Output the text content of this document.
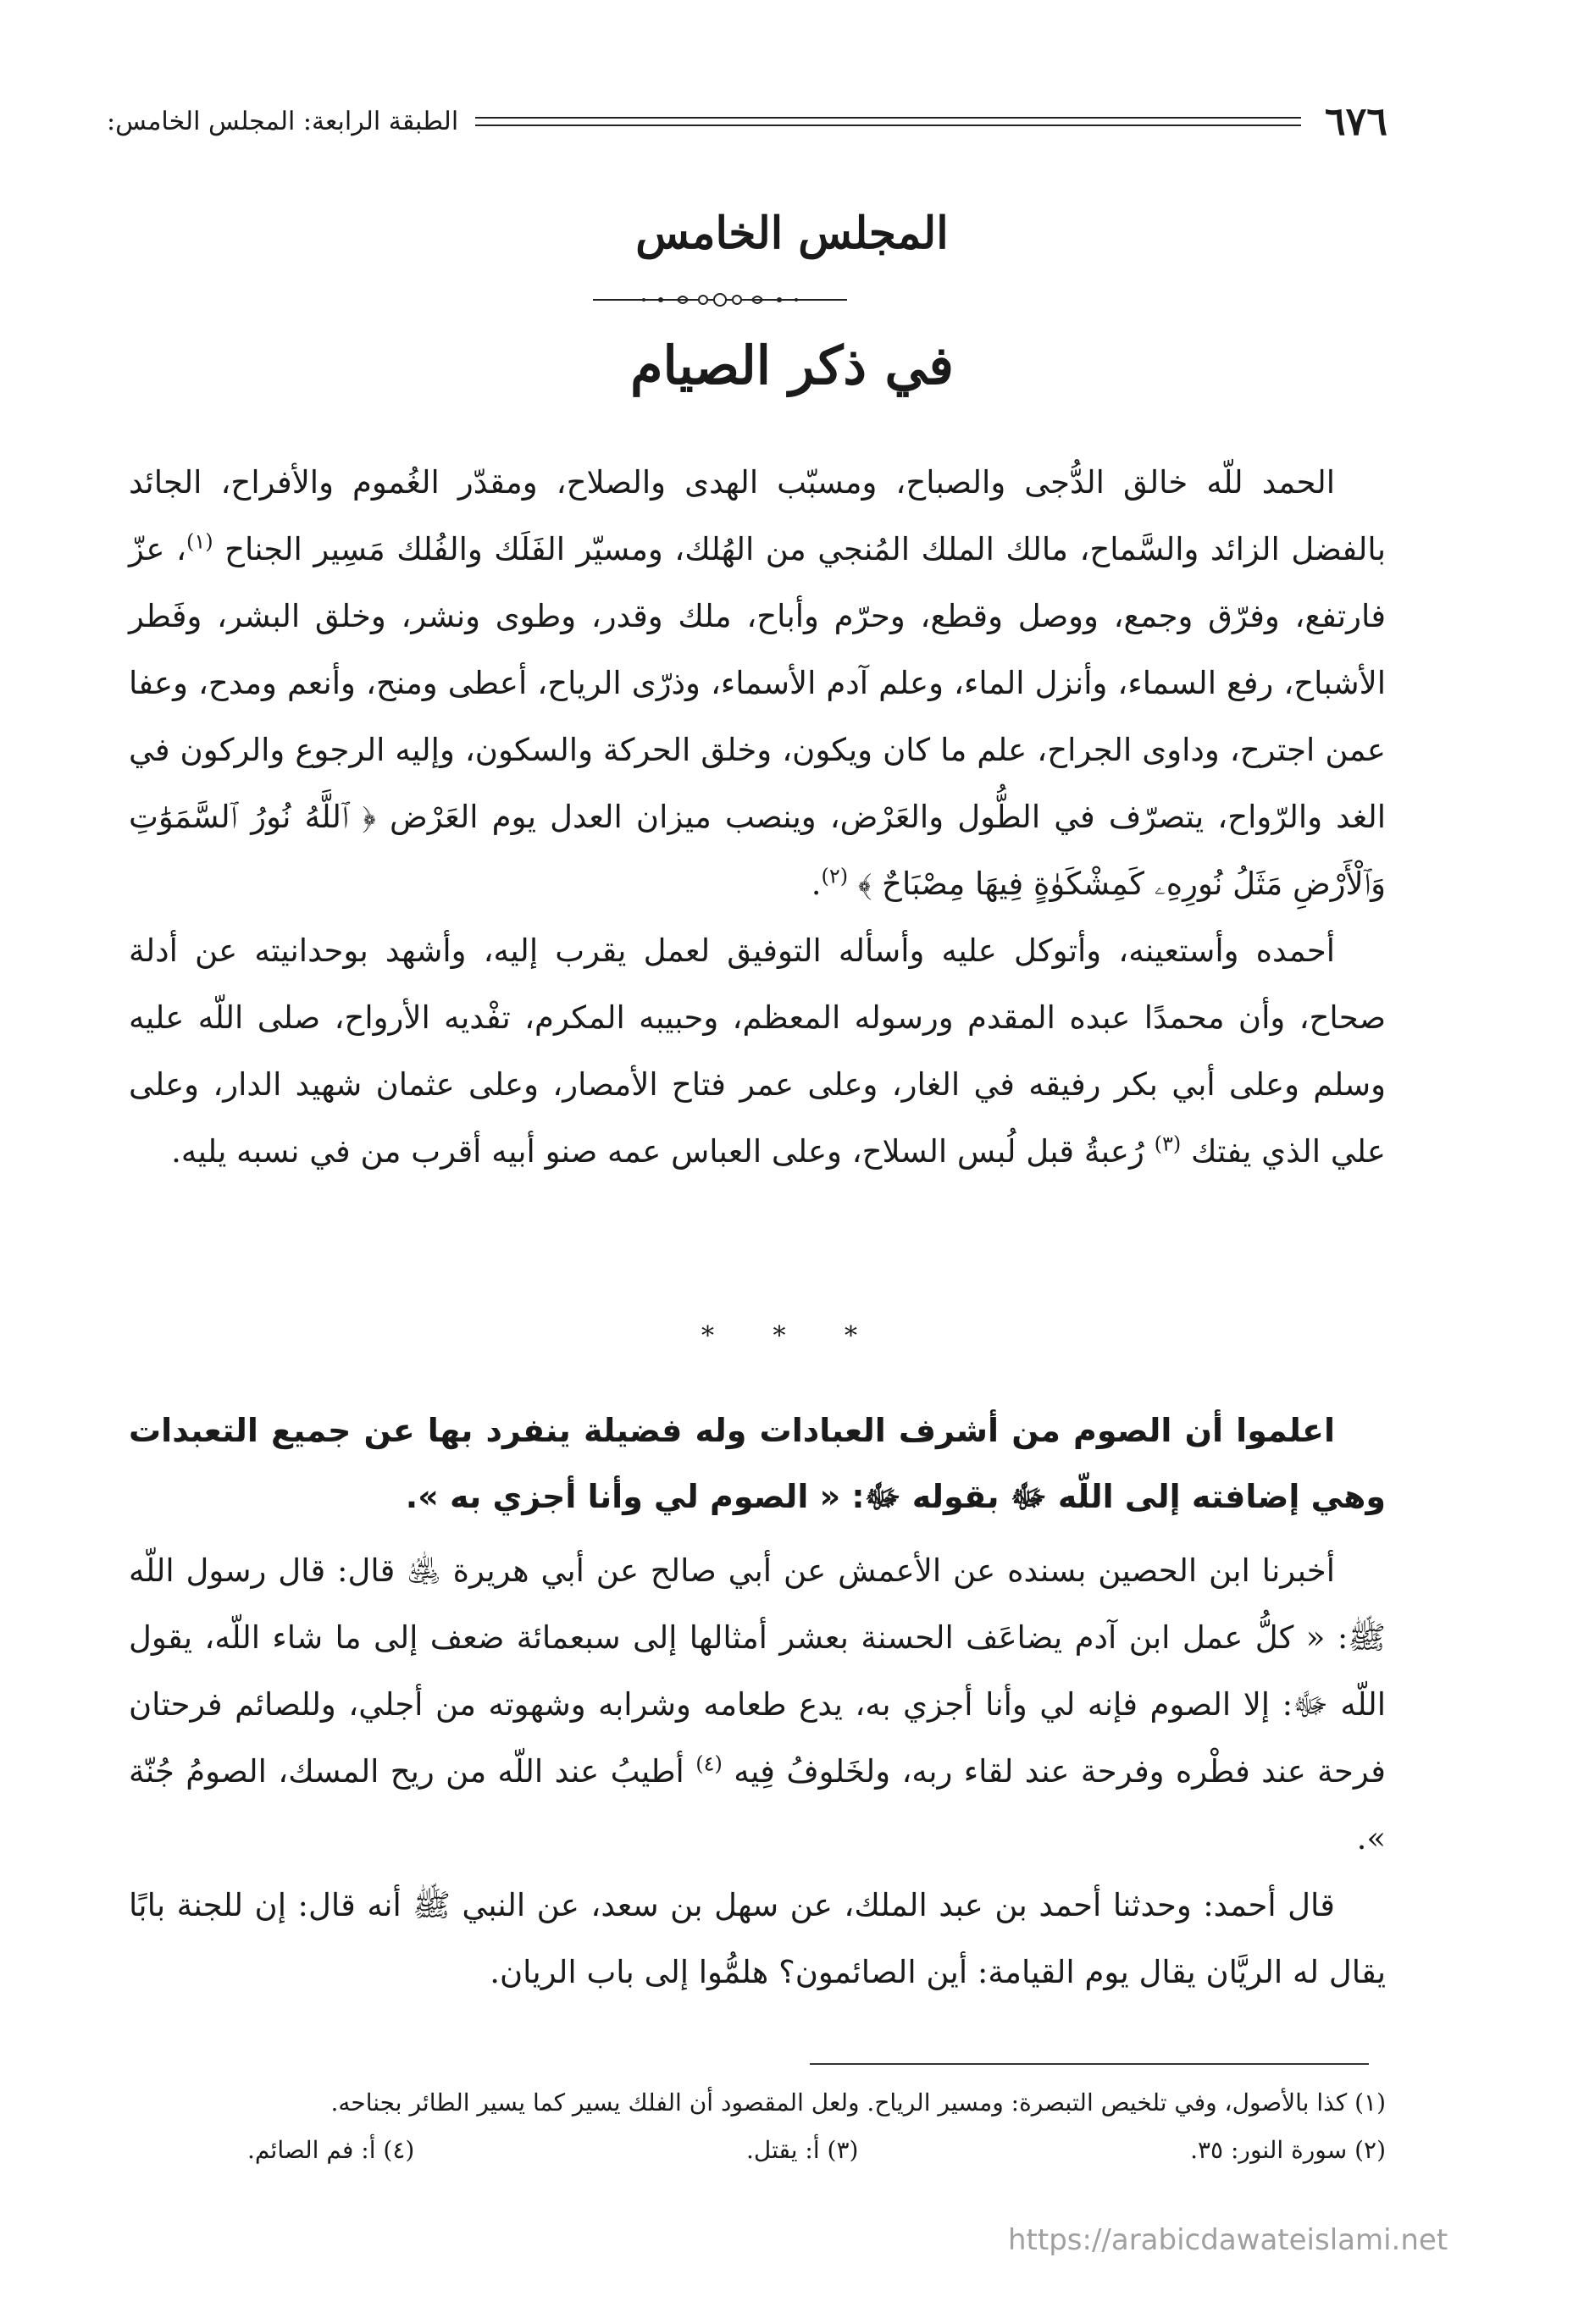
٦٧٦
الطبقة الرابعة: المجلس الخامس:
المجلس الخامس
في ذكر الصيام

الحمد للّه خالق الدُّجى والصباح، ومسبّب الهدى والصلاح، ومقدّر الغُموم والأفراح، الجائد بالفضل الزائد والسَّماح، مالك الملك المُنجي من الهُلك، ومسيّر الفَلَك والفُلك مَسِير الجناح $^{(١)}$، عزّ فارتفع، وفرّق وجمع، ووصل وقطع، وحرّم وأباح، ملك وقدر، وطوى ونشر، وخلق البشر، وفَطر الأشباح، رفع السماء، وأنزل الماء، وعلم آدم الأسماء، وذرّى الرياح، أعطى ومنح، وأنعم ومدح، وعفا عمن اجترح، وداوى الجراح، علم ما كان ويكون، وخلق الحركة والسكون، وإليه الرجوع والركون في الغد والرّواح، يتصرّف في الطُّول والعَرْض، وينصب ميزان العدل يوم العَرْض ﴿ ٱللَّهُ نُورُ ٱلسَّمَوَٰتِ وَٱلْأَرْضِ مَثَلُ نُورِهِۦ كَمِشْكَوٰةٍ فِيهَا مِصْبَاحٌ ﴾ $^{(٢)}$.

أحمده وأستعينه، وأتوكل عليه وأسأله التوفيق لعمل يقرب إليه، وأشهد بوحدانيته عن أدلة صحاح، وأن محمدًا عبده المقدم ورسوله المعظم، وحبيبه المكرم، تفْديه الأرواح، صلى اللّه عليه وسلم وعلى أبي بكر رفيقه في الغار، وعلى عمر فتاح الأمصار، وعلى عثمان شهيد الدار، وعلى علي الذي يفتك $^{(٣)}$ رُعبةُ قبل لُبس السلاح، وعلى العباس عمه صنو أبيه أقرب من في نسبه يليه.

* * *

اعلموا أن الصوم من أشرف العبادات وله فضيلة ينفرد بها عن جميع التعبدات وهي إضافته إلى اللّه ﷻ بقوله ﷻ: « الصوم لي وأنا أجزي به ».

أخبرنا ابن الحصين بسنده عن الأعمش عن أبي صالح عن أبي هريرة ﵁ قال: قال رسول اللّه ﷺ: « كلُّ عمل ابن آدم يضاعَف الحسنة بعشر أمثالها إلى سبعمائة ضعف إلى ما شاء اللّه، يقول اللّه ﷻ: إلا الصوم فإنه لي وأنا أجزي به، يدع طعامه وشرابه وشهوته من أجلي، وللصائم فرحتان فرحة عند فطْره وفرحة عند لقاء ربه، ولخَلوفُ فِيه $^{(٤)}$ أطيبُ عند اللّه من ريح المسك، الصومُ جُنّة ».

قال أحمد: وحدثنا أحمد بن عبد الملك، عن سهل بن سعد، عن النبي ﷺ أنه قال: إن للجنة بابًا يقال له الريَّان يقال يوم القيامة: أين الصائمون؟ هلمُّوا إلى باب الريان.

(١) كذا بالأصول، وفي تلخيص التبصرة: ومسير الرياح. ولعل المقصود أن الفلك يسير كما يسير الطائر بجناحه.
(٢) سورة النور: ٣٥.
(٣) أ: يقتل.
(٤) أ: فم الصائم.
https://arabicdawateislami.net
